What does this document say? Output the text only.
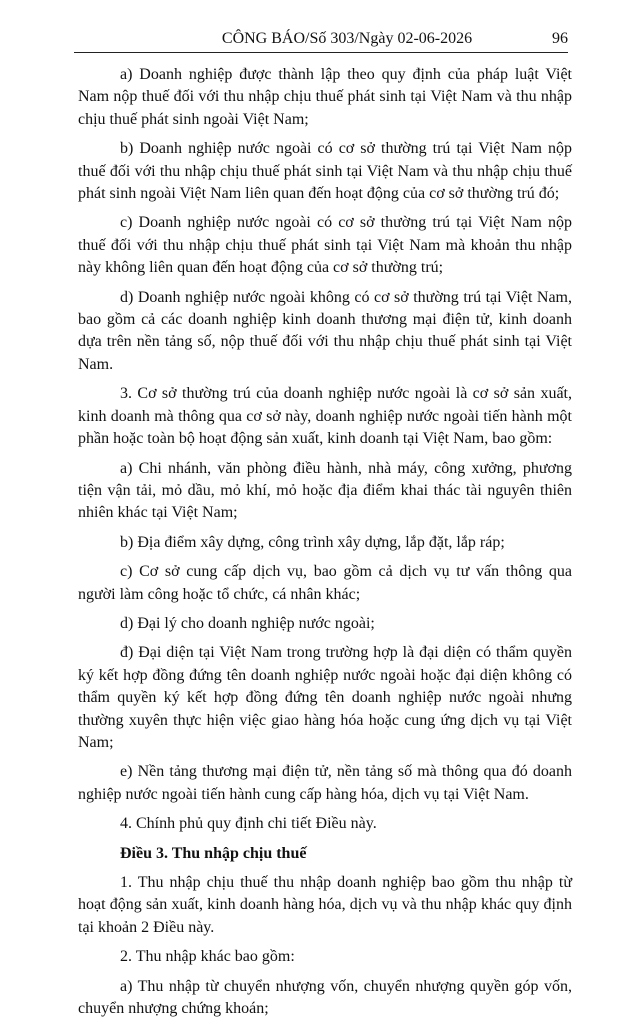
CÔNG BÁO/Số 303/Ngày 02-06-2026	96

a) Doanh nghiệp được thành lập theo quy định của pháp luật Việt Nam nộp thuế đối với thu nhập chịu thuế phát sinh tại Việt Nam và thu nhập chịu thuế phát sinh ngoài Việt Nam;

b) Doanh nghiệp nước ngoài có cơ sở thường trú tại Việt Nam nộp thuế đối với thu nhập chịu thuế phát sinh tại Việt Nam và thu nhập chịu thuế phát sinh ngoài Việt Nam liên quan đến hoạt động của cơ sở thường trú đó;

c) Doanh nghiệp nước ngoài có cơ sở thường trú tại Việt Nam nộp thuế đối với thu nhập chịu thuế phát sinh tại Việt Nam mà khoản thu nhập này không liên quan đến hoạt động của cơ sở thường trú;

d) Doanh nghiệp nước ngoài không có cơ sở thường trú tại Việt Nam, bao gồm cả các doanh nghiệp kinh doanh thương mại điện tử, kinh doanh dựa trên nền tảng số, nộp thuế đối với thu nhập chịu thuế phát sinh tại Việt Nam.

3. Cơ sở thường trú của doanh nghiệp nước ngoài là cơ sở sản xuất, kinh doanh mà thông qua cơ sở này, doanh nghiệp nước ngoài tiến hành một phần hoặc toàn bộ hoạt động sản xuất, kinh doanh tại Việt Nam, bao gồm:

a) Chi nhánh, văn phòng điều hành, nhà máy, công xưởng, phương tiện vận tải, mỏ dầu, mỏ khí, mỏ hoặc địa điểm khai thác tài nguyên thiên nhiên khác tại Việt Nam;

b) Địa điểm xây dựng, công trình xây dựng, lắp đặt, lắp ráp;

c) Cơ sở cung cấp dịch vụ, bao gồm cả dịch vụ tư vấn thông qua người làm công hoặc tổ chức, cá nhân khác;

d) Đại lý cho doanh nghiệp nước ngoài;

đ) Đại diện tại Việt Nam trong trường hợp là đại diện có thẩm quyền ký kết hợp đồng đứng tên doanh nghiệp nước ngoài hoặc đại diện không có thẩm quyền ký kết hợp đồng đứng tên doanh nghiệp nước ngoài nhưng thường xuyên thực hiện việc giao hàng hóa hoặc cung ứng dịch vụ tại Việt Nam;

e) Nền tảng thương mại điện tử, nền tảng số mà thông qua đó doanh nghiệp nước ngoài tiến hành cung cấp hàng hóa, dịch vụ tại Việt Nam.

4. Chính phủ quy định chi tiết Điều này.

Điều 3. Thu nhập chịu thuế

1. Thu nhập chịu thuế thu nhập doanh nghiệp bao gồm thu nhập từ hoạt động sản xuất, kinh doanh hàng hóa, dịch vụ và thu nhập khác quy định tại khoản 2 Điều này.

2. Thu nhập khác bao gồm:

a) Thu nhập từ chuyển nhượng vốn, chuyển nhượng quyền góp vốn, chuyển nhượng chứng khoán;
